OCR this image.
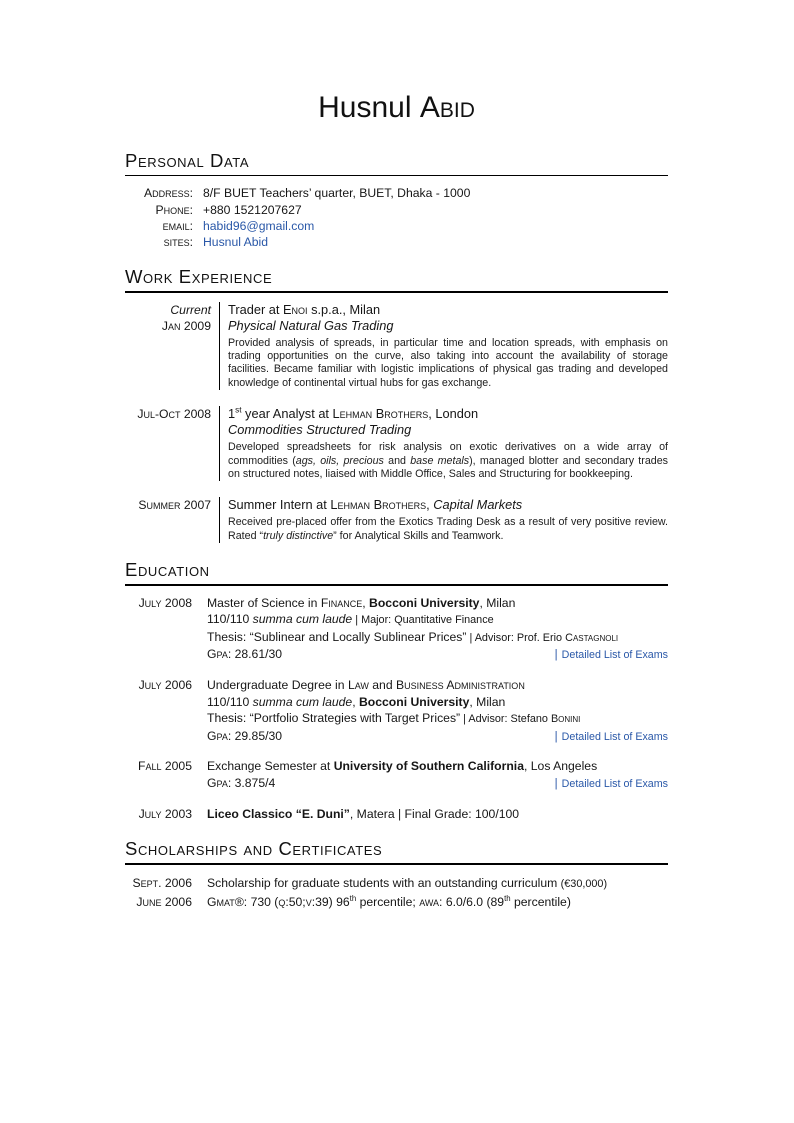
Husnul Abid
Personal Data
Address: 8/F BUET Teachers’ quarter, BUET, Dhaka - 1000
Phone: +880 1521207627
email: habid96@gmail.com
sites: Husnul Abid
Work Experience
Current
Jan 2009
Trader at Enoi s.p.a., Milan
Physical Natural Gas Trading
Provided analysis of spreads, in particular time and location spreads, with emphasis on trading opportunities on the curve, also taking into account the availability of storage facilities. Became familiar with logistic implications of physical gas trading and developed knowledge of continental virtual hubs for gas exchange.
Jul-Oct 2008 1st year Analyst at Lehman Brothers, London
Commodities Structured Trading
Developed spreadsheets for risk analysis on exotic derivatives on a wide array of commodities (ags, oils, precious and base metals), managed blotter and secondary trades on structured notes, liaised with Middle Office, Sales and Structuring for bookkeeping.
Summer 2007 Summer Intern at Lehman Brothers, Capital Markets
Received pre-placed offer from the Exotics Trading Desk as a result of very positive review. Rated “truly distinctive” for Analytical Skills and Teamwork.
Education
July 2008 Master of Science in Finance, Bocconi University, Milan
110/110 summa cum laude | Major: Quantitative Finance
Thesis: “Sublinear and Locally Sublinear Prices” | Advisor: Prof. Erio Castagnoli
Gpa: 28.61/30	| Detailed List of Exams
July 2006 Undergraduate Degree in Law and Business Administration
110/110 summa cum laude, Bocconi University, Milan
Thesis: “Portfolio Strategies with Target Prices” | Advisor: Stefano Bonini
Gpa: 29.85/30	| Detailed List of Exams
Fall 2005 Exchange Semester at University of Southern California, Los Angeles
Gpa: 3.875/4	| Detailed List of Exams
July 2003 Liceo Classico “E. Duni”, Matera | Final Grade: 100/100
Scholarships and Certificates
Sept. 2006 Scholarship for graduate students with an outstanding curriculum (€30,000)
June 2006 Gmat®: 730 (q:50;v:39) 96th percentile; awa: 6.0/6.0 (89th percentile)
